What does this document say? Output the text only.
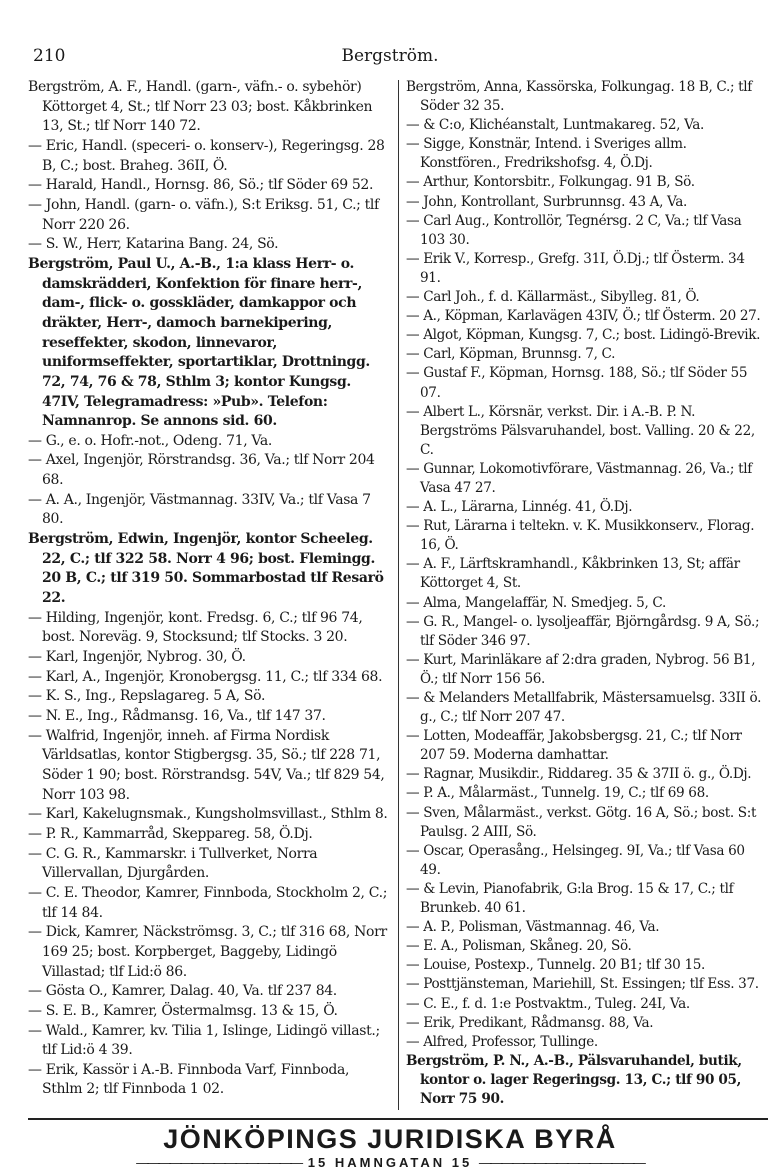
210	Bergström.

Bergström, A. F., Handl. (garn-, väfn.- o. sybehör) Köttorget 4, St.; tlf Norr 23 03; bost. Kåkbrinken 13, St.; tlf Norr 140 72.

— Eric, Handl. (speceri- o. konserv-), Regeringsg. 28 B, C.; bost. Braheg. 36II, Ö.

— Harald, Handl., Hornsg. 86, Sö.; tlf Söder 69 52.

— John, Handl. (garn- o. väfn.), S:t Eriksg. 51, C.; tlf Norr 220 26.

— S. W., Herr, Katarina Bang. 24, Sö.

Bergström, Paul U., A.-B., 1:a klass Herr- o. damskrädderi, Konfektion för finare herr-, dam-, flick- o. gosskläder, damkappor och dräkter, Herr-, damoch barnekipering, reseffekter, skodon, linnevaror, uniformseffekter, sportartiklar, Drottningg. 72, 74, 76 & 78, Sthlm 3; kontor Kungsg. 47IV, Telegramadress: »Pub». Telefon: Namnanrop. Se annons sid. 60.

— G., e. o. Hofr.-not., Odeng. 71, Va.

— Axel, Ingenjör, Rörstrandsg. 36, Va.; tlf Norr 204 68.

— A. A., Ingenjör, Västmannag. 33IV, Va.; tlf Vasa 7 80.

Bergström, Edwin, Ingenjör, kontor Scheeleg. 22, C.; tlf 322 58. Norr 4 96; bost. Flemingg. 20 B, C.; tlf 319 50. Sommarbostad tlf Resarö 22.

— Hilding, Ingenjör, kont. Fredsg. 6, C.; tlf 96 74, bost. Noreväg. 9, Stocksund; tlf Stocks. 3 20.

— Karl, Ingenjör, Nybrog. 30, Ö.

— Karl, A., Ingenjör, Kronobergsg. 11, C.; tlf 334 68.

— K. S., Ing., Repslagareg. 5 A, Sö.

— N. E., Ing., Rådmansg. 16, Va., tlf 147 37.

— Walfrid, Ingenjör, inneh. af Firma Nordisk Världsatlas, kontor Stigbergsg. 35, Sö.; tlf 228 71, Söder 1 90; bost. Rörstrandsg. 54V, Va.; tlf 829 54, Norr 103 98.

— Karl, Kakelugnsmak., Kungsholmsvillast., Sthlm 8.

— P. R., Kammarråd, Skeppareg. 58, Ö.Dj.

— C. G. R., Kammarskr. i Tullverket, Norra Villervallan, Djurgården.

— C. E. Theodor, Kamrer, Finnboda, Stockholm 2, C.; tlf 14 84.

— Dick, Kamrer, Näckströmsg. 3, C.; tlf 316 68, Norr 169 25; bost. Korpberget, Baggeby, Lidingö Villastad; tlf Lid:ö 86.

— Gösta O., Kamrer, Dalag. 40, Va. tlf 237 84.

— S. E. B., Kamrer, Östermalmsg. 13 & 15, Ö.

— Wald., Kamrer, kv. Tilia 1, Islinge, Lidingö villast.; tlf Lid:ö 4 39.

— Erik, Kassör i A.-B. Finnboda Varf, Finnboda, Sthlm 2; tlf Finnboda 1 02.

Bergström, Anna, Kassörska, Folkungag. 18 B, C.; tlf Söder 32 35.

— & C:o, Klichéanstalt, Luntmakareg. 52, Va.

— Sigge, Konstnär, Intend. i Sveriges allm. Konstfören., Fredrikshofsg. 4, Ö.Dj.

— Arthur, Kontorsbitr., Folkungag. 91 B, Sö.

— John, Kontrollant, Surbrunnsg. 43 A, Va.

— Carl Aug., Kontrollör, Tegnérsg. 2 C, Va.; tlf Vasa 103 30.

— Erik V., Korresp., Grefg. 31I, Ö.Dj.; tlf Österm. 34 91.

— Carl Joh., f. d. Källarmäst., Sibylleg. 81, Ö.

— A., Köpman, Karlavägen 43IV, Ö.; tlf Österm. 20 27.

— Algot, Köpman, Kungsg. 7, C.; bost. Lidingö-Brevik.

— Carl, Köpman, Brunnsg. 7, C.

— Gustaf F., Köpman, Hornsg. 188, Sö.; tlf Söder 55 07.

— Albert L., Körsnär, verkst. Dir. i A.-B. P. N. Bergströms Pälsvaruhandel, bost. Valling. 20 & 22, C.

— Gunnar, Lokomotivförare, Västmannag. 26, Va.; tlf Vasa 47 27.

— A. L., Lärarna, Linnég. 41, Ö.Dj.

— Rut, Lärarna i teltekn. v. K. Musikkonserv., Florag. 16, Ö.

— A. F., Lärftskramhandl., Kåkbrinken 13, St; affär Köttorget 4, St.

— Alma, Mangelaffär, N. Smedjeg. 5, C.

— G. R., Mangel- o. lysoljeaffär, Björngårdsg. 9 A, Sö.; tlf Söder 346 97.

— Kurt, Marinläkare af 2:dra graden, Nybrog. 56 B1, Ö.; tlf Norr 156 56.

— & Melanders Metallfabrik, Mästersamuelsg. 33II ö. g., C.; tlf Norr 207 47.

— Lotten, Modeaffär, Jakobsbergsg. 21, C.; tlf Norr 207 59. Moderna damhattar.

— Ragnar, Musikdir., Riddareg. 35 & 37II ö. g., Ö.Dj.

— P. A., Målarmäst., Tunnelg. 19, C.; tlf 69 68.

— Sven, Målarmäst., verkst. Götg. 16 A, Sö.; bost. S:t Paulsg. 2 AIII, Sö.

— Oscar, Operasång., Helsingeg. 9I, Va.; tlf Vasa 60 49.

— & Levin, Pianofabrik, G:la Brog. 15 & 17, C.; tlf Brunkeb. 40 61.

— A. P., Polisman, Västmannag. 46, Va.

— E. A., Polisman, Skåneg. 20, Sö.

— Louise, Postexp., Tunnelg. 20 B1; tlf 30 15.

— Posttjänsteman, Mariehill, St. Essingen; tlf Ess. 37.

— C. E., f. d. 1:e Postvaktm., Tuleg. 24I, Va.

— Erik, Predikant, Rådmansg. 88, Va.

— Alfred, Professor, Tullinge.

Bergström, P. N., A.-B., Pälsvaruhandel, butik, kontor o. lager Regeringsg. 13, C.; tlf 90 05, Norr 75 90.

JÖNKÖPINGS JURIDISKA BYRÅ
——————————————— 15 HAMNGATAN 15 ———————————————
